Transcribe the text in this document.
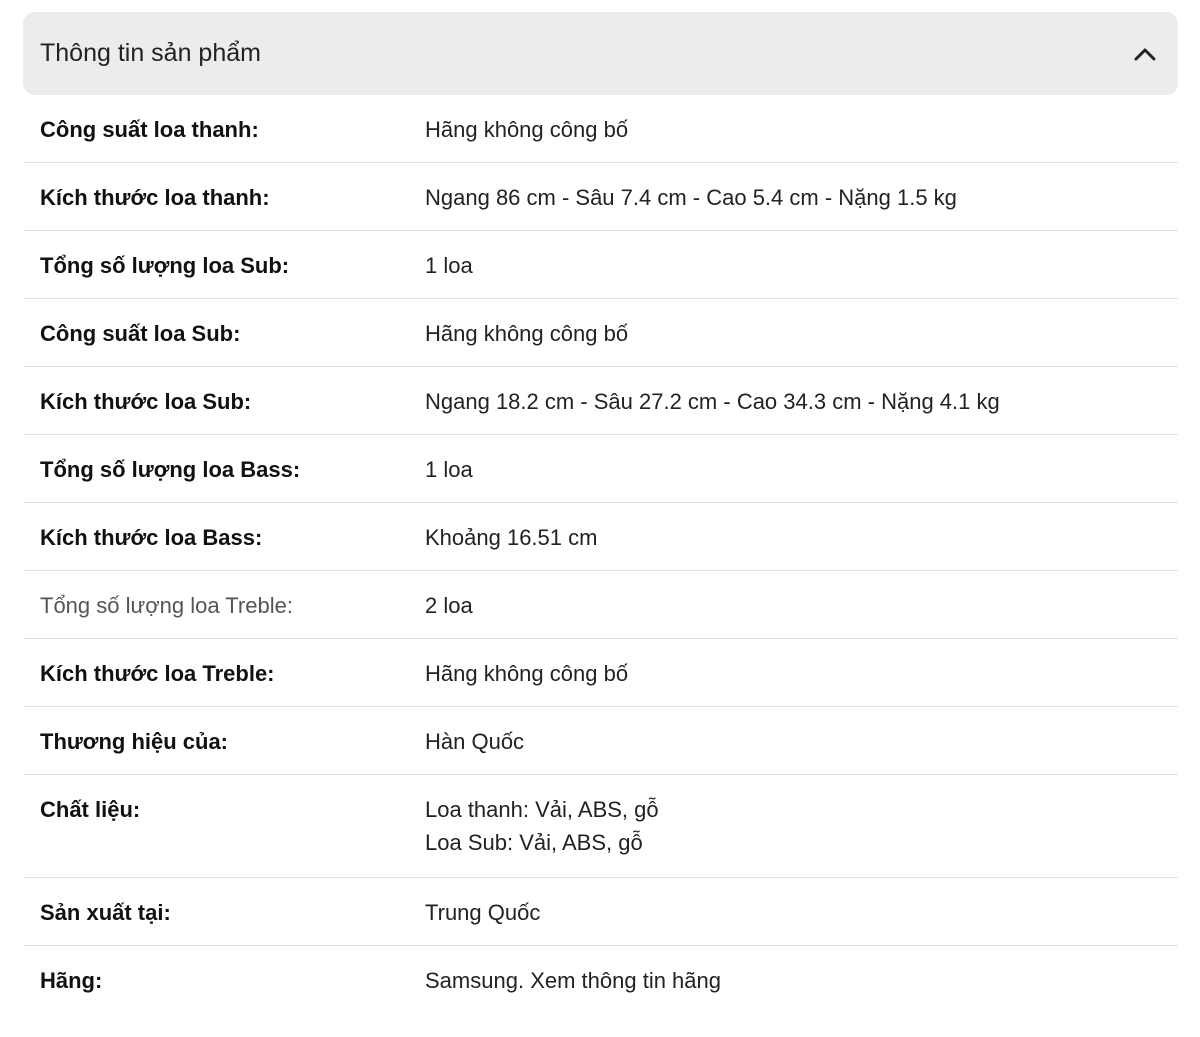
Thông tin sản phẩm
Công suất loa thanh:	Hãng không công bố
Kích thước loa thanh:	Ngang 86 cm - Sâu 7.4 cm - Cao 5.4 cm - Nặng 1.5 kg
Tổng số lượng loa Sub:	1 loa
Công suất loa Sub:	Hãng không công bố
Kích thước loa Sub:	Ngang 18.2 cm - Sâu 27.2 cm - Cao 34.3 cm - Nặng 4.1 kg
Tổng số lượng loa Bass:	1 loa
Kích thước loa Bass:	Khoảng 16.51 cm
Tổng số lượng loa Treble:	2 loa
Kích thước loa Treble:	Hãng không công bố
Thương hiệu của:	Hàn Quốc
Chất liệu:	Loa thanh: Vải, ABS, gỗ
Loa Sub: Vải, ABS, gỗ
Sản xuất tại:	Trung Quốc
Hãng:	Samsung. Xem thông tin hãng
